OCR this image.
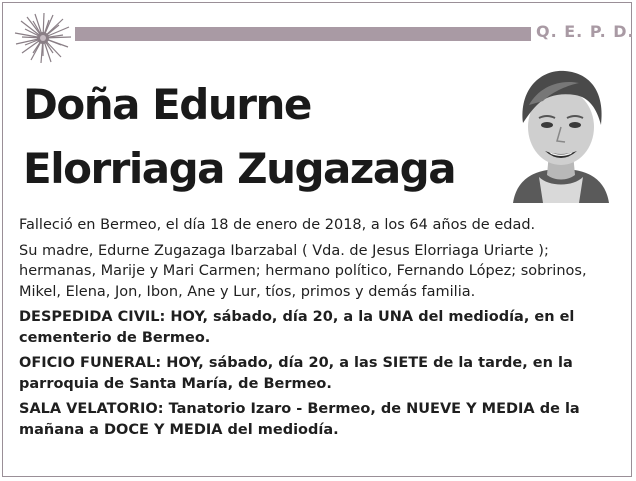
Q. E. P. D.
Doña Edurne
Elorriaga Zugazaga

Falleció en Bermeo, el día 18 de enero de 2018, a los 64 años de edad.

Su madre, Edurne Zugazaga Ibarzabal ( Vda. de Jesus Elorriaga Uriarte ); hermanas, Marije y Mari Carmen; hermano político, Fernando López; sobrinos, Mikel, Elena, Jon, Ibon, Ane y Lur, tíos, primos y demás familia.

DESPEDIDA CIVIL: HOY, sábado, día 20, a la UNA del mediodía, en el cementerio de Bermeo.

OFICIO FUNERAL: HOY, sábado, día 20, a las SIETE de la tarde, en la parroquia de Santa María, de Bermeo.

SALA VELATORIO: Tanatorio Izaro - Bermeo, de NUEVE Y MEDIA de la mañana a DOCE Y MEDIA del mediodía.
